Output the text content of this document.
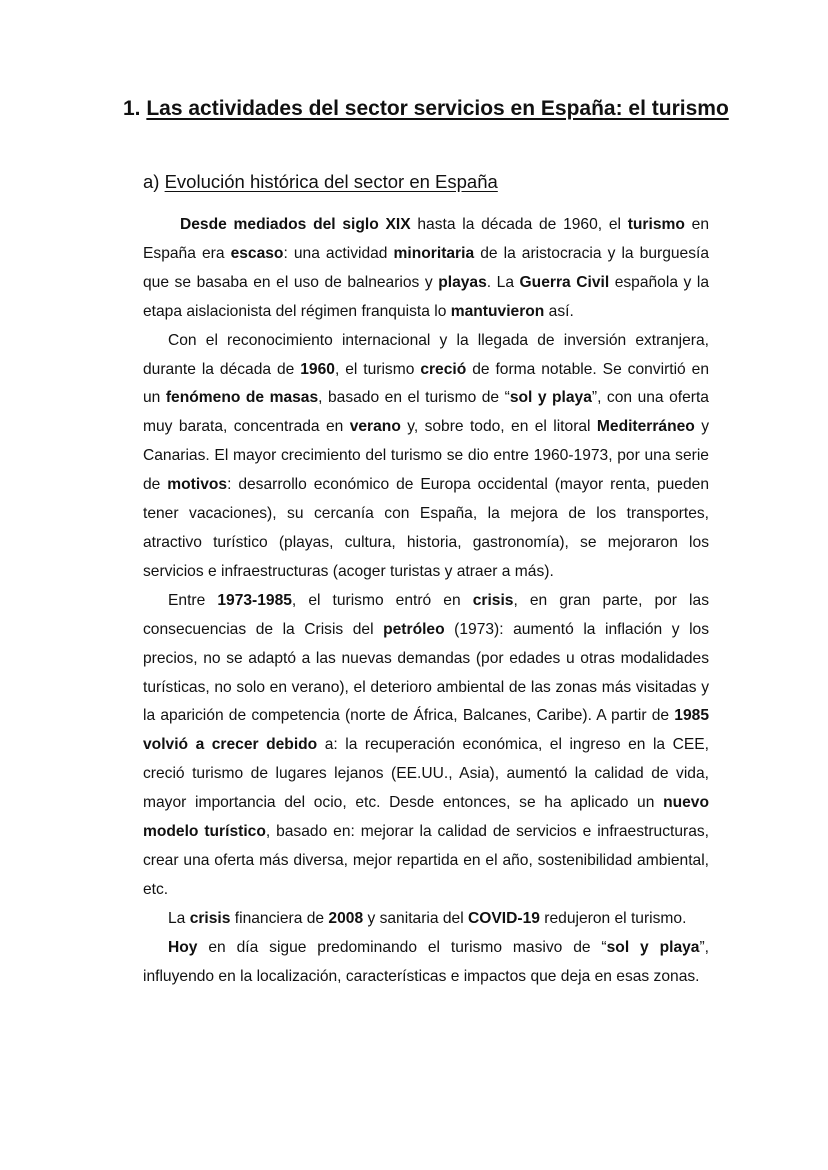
1. Las actividades del sector servicios en España: el turismo
a) Evolución histórica del sector en España

Desde mediados del siglo XIX hasta la década de 1960, el turismo en España era escaso: una actividad minoritaria de la aristocracia y la burguesía que se basaba en el uso de balnearios y playas. La Guerra Civil española y la etapa aislacionista del régimen franquista lo mantuvieron así.

Con el reconocimiento internacional y la llegada de inversión extranjera, durante la década de 1960, el turismo creció de forma notable. Se convirtió en un fenómeno de masas, basado en el turismo de “sol y playa”, con una oferta muy barata, concentrada en verano y, sobre todo, en el litoral Mediterráneo y Canarias. El mayor crecimiento del turismo se dio entre 1960-1973, por una serie de motivos: desarrollo económico de Europa occidental (mayor renta, pueden tener vacaciones), su cercanía con España, la mejora de los transportes, atractivo turístico (playas, cultura, historia, gastronomía), se mejoraron los servicios e infraestructuras (acoger turistas y atraer a más).

Entre 1973-1985, el turismo entró en crisis, en gran parte, por las consecuencias de la Crisis del petróleo (1973): aumentó la inflación y los precios, no se adaptó a las nuevas demandas (por edades u otras modalidades turísticas, no solo en verano), el deterioro ambiental de las zonas más visitadas y la aparición de competencia (norte de África, Balcanes, Caribe). A partir de 1985 volvió a crecer debido a: la recuperación económica, el ingreso en la CEE, creció turismo de lugares lejanos (EE.UU., Asia), aumentó la calidad de vida, mayor importancia del ocio, etc. Desde entonces, se ha aplicado un nuevo modelo turístico, basado en: mejorar la calidad de servicios e infraestructuras, crear una oferta más diversa, mejor repartida en el año, sostenibilidad ambiental, etc.

La crisis financiera de 2008 y sanitaria del COVID-19 redujeron el turismo.

Hoy en día sigue predominando el turismo masivo de “sol y playa”, influyendo en la localización, características e impactos que deja en esas zonas.
